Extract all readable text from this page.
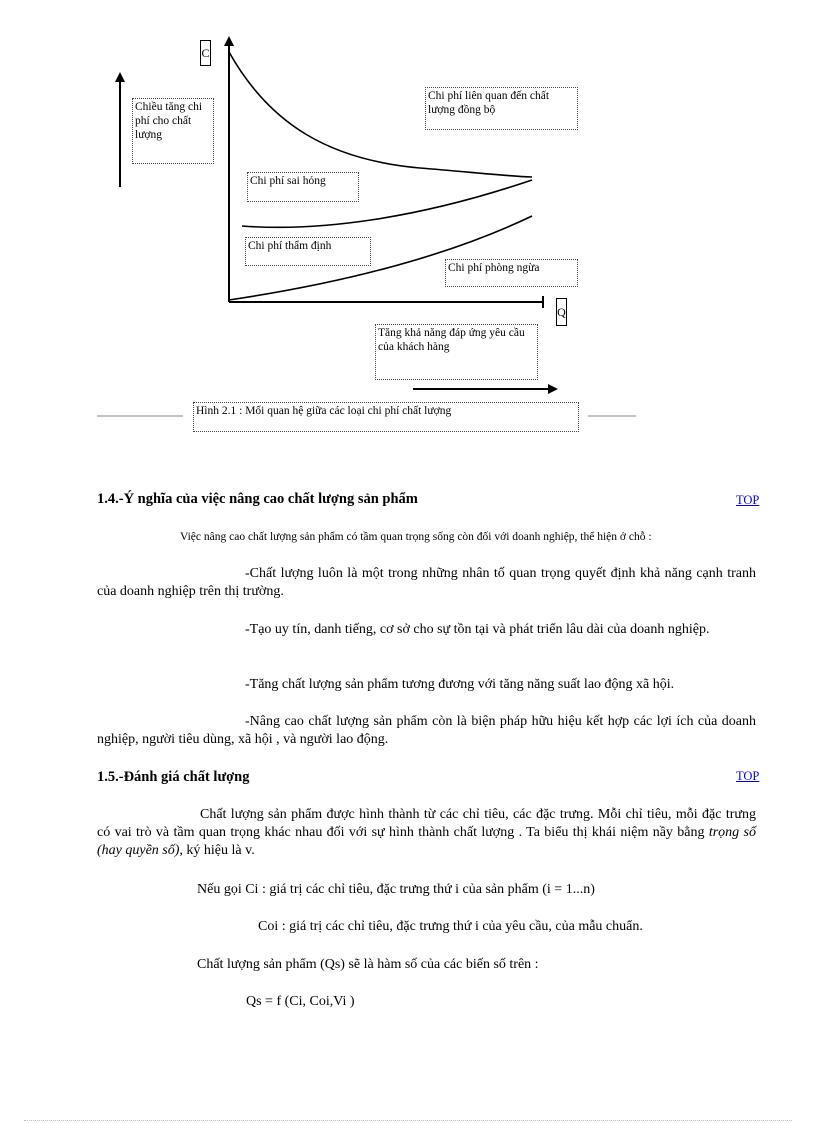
C
Q
Chiều tăng chi phí cho chất lượng
Chi phí liên quan đến chất lượng đồng bộ
Chi phí sai hỏng
Chi phí thẩm định
Chi phí phòng ngừa
Tăng khả năng đáp ứng yêu cầu của khách hàng
Hình 2.1 : Mối quan hệ giữa các loại chi phí chất lượng
1.4.-Ý nghĩa của việc nâng cao chất lượng sản phẩm	TOP
Việc nâng cao chất lượng sản phẩm có tầm quan trọng sống còn đối với doanh nghiệp, thể hiện ở chỗ :
-Chất lượng luôn là một trong những nhân tố quan trọng quyết định khả năng cạnh tranh của doanh nghiệp trên thị trường.
-Tạo uy tín, danh tiếng, cơ sở cho sự tồn tại và phát triển lâu dài của doanh nghiệp.
-Tăng chất lượng sản phẩm tương đương với tăng năng suất lao động xã hội.
-Nâng cao chất lượng sản phẩm còn là biện pháp hữu hiệu kết hợp các lợi ích của doanh nghiệp, người tiêu dùng, xã hội , và người lao động.
1.5.-Đánh giá chất lượng	TOP
Chất lượng sản phẩm được hình thành từ các chỉ tiêu, các đặc trưng. Mỗi chỉ tiêu, mỗi đặc trưng có vai trò và tầm quan trọng khác nhau đối với sự hình thành chất lượng . Ta biểu thị khái niệm nầy bằng trọng số (hay quyền số), ký hiệu là v.
Nếu gọi Ci : giá trị các chỉ tiêu, đặc trưng thứ i của sản phẩm (i = 1...n)
Coi : giá trị các chỉ tiêu, đặc trưng thứ i của yêu cầu, của mẫu chuẩn.
Chất lượng sản phẩm (Qs) sẽ là hàm số của các biến số trên :
Qs = f (Ci, Coi,Vi )
